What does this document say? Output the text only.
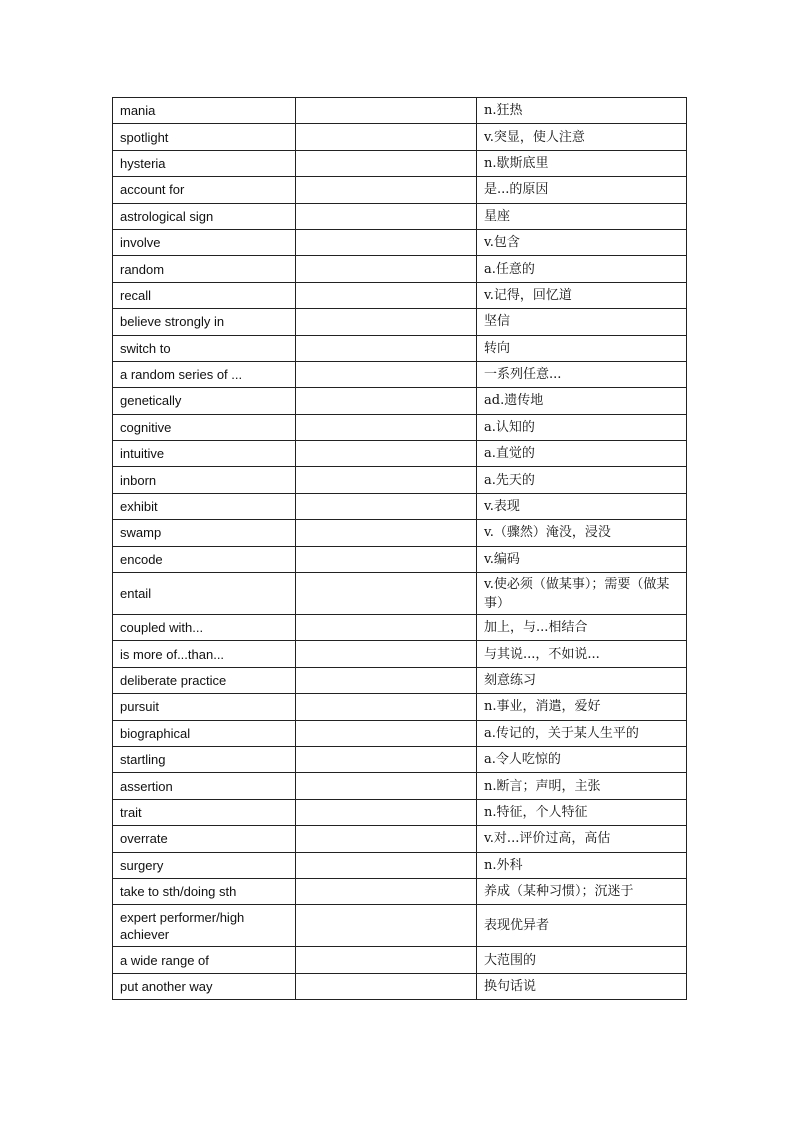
mania		n.狂热
spotlight		v.突显，使人注意
hysteria		n.歇斯底里
account for		是...的原因
astrological sign		星座
involve		v.包含
random		a.任意的
recall		v.记得，回忆道
believe strongly in		坚信
switch to		转向
a random series of ...		一系列任意...
genetically		ad.遗传地
cognitive		a.认知的
intuitive		a.直觉的
inborn		a.先天的
exhibit		v.表现
swamp		v.（骤然）淹没，浸没
encode		v.编码
entail		v.使必须（做某事）；需要（做某事）
coupled with...		加上，与...相结合
is more of...than...		与其说...，不如说...
deliberate practice		刻意练习
pursuit		n.事业，消遣，爱好
biographical		a.传记的，关于某人生平的
startling		a.令人吃惊的
assertion		n.断言；声明，主张
trait		n.特征，个人特征
overrate		v.对...评价过高，高估
surgery		n.外科
take to sth/doing sth		养成（某种习惯）；沉迷于
expert performer/high achiever		表现优异者
a wide range of		大范围的
put another way		换句话说
